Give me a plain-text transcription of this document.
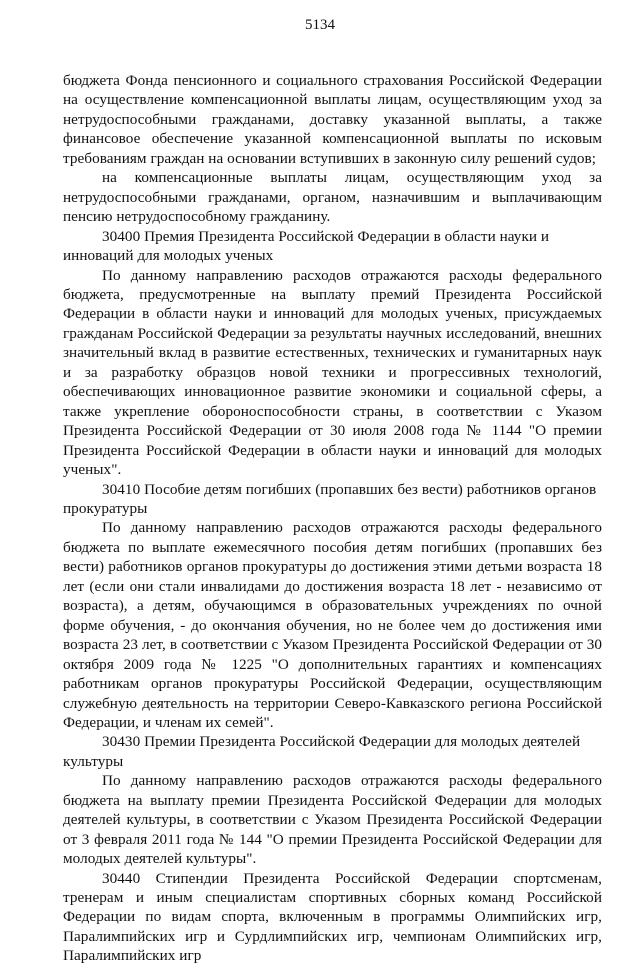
5134

бюджета Фонда пенсионного и социального страхования Российской Федерации на осуществление компенсационной выплаты лицам, осуществляющим уход за нетрудоспособными гражданами, доставку указанной выплаты, а также финансовое обеспечение указанной компенсационной выплаты по исковым требованиям граждан на основании вступивших в законную силу решений судов;

на компенсационные выплаты лицам, осуществляющим уход за нетрудоспособными гражданами, органом, назначившим и выплачивающим пенсию нетрудоспособному гражданину.

30400 Премия Президента Российской Федерации в области науки и инноваций для молодых ученых

По данному направлению расходов отражаются расходы федерального бюджета, предусмотренные на выплату премий Президента Российской Федерации в области науки и инноваций для молодых ученых, присуждаемых гражданам Российской Федерации за результаты научных исследований, внешних значительный вклад в развитие естественных, технических и гуманитарных наук и за разработку образцов новой техники и прогрессивных технологий, обеспечивающих инновационное развитие экономики и социальной сферы, а также укрепление обороноспособности страны, в соответствии с Указом Президента Российской Федерации от 30 июля 2008 года № 1144 "О премии Президента Российской Федерации в области науки и инноваций для молодых ученых".

30410 Пособие детям погибших (пропавших без вести) работников органов прокуратуры

По данному направлению расходов отражаются расходы федерального бюджета по выплате ежемесячного пособия детям погибших (пропавших без вести) работников органов прокуратуры до достижения этими детьми возраста 18 лет (если они стали инвалидами до достижения возраста 18 лет - независимо от возраста), а детям, обучающимся в образовательных учреждениях по очной форме обучения, - до окончания обучения, но не более чем до достижения ими возраста 23 лет, в соответствии с Указом Президента Российской Федерации от 30 октября 2009 года № 1225 "О дополнительных гарантиях и компенсациях работникам органов прокуратуры Российской Федерации, осуществляющим служебную деятельность на территории Северо-Кавказского региона Российской Федерации, и членам их семей".

30430 Премии Президента Российской Федерации для молодых деятелей культуры

По данному направлению расходов отражаются расходы федерального бюджета на выплату премии Президента Российской Федерации для молодых деятелей культуры, в соответствии с Указом Президента Российской Федерации от 3 февраля 2011 года № 144 "О премии Президента Российской Федерации для молодых деятелей культуры".

30440 Стипендии Президента Российской Федерации спортсменам, тренерам и иным специалистам спортивных сборных команд Российской Федерации по видам спорта, включенным в программы Олимпийских игр, Паралимпийских игр и Сурдлимпийских игр, чемпионам Олимпийских игр, Паралимпийских игр
